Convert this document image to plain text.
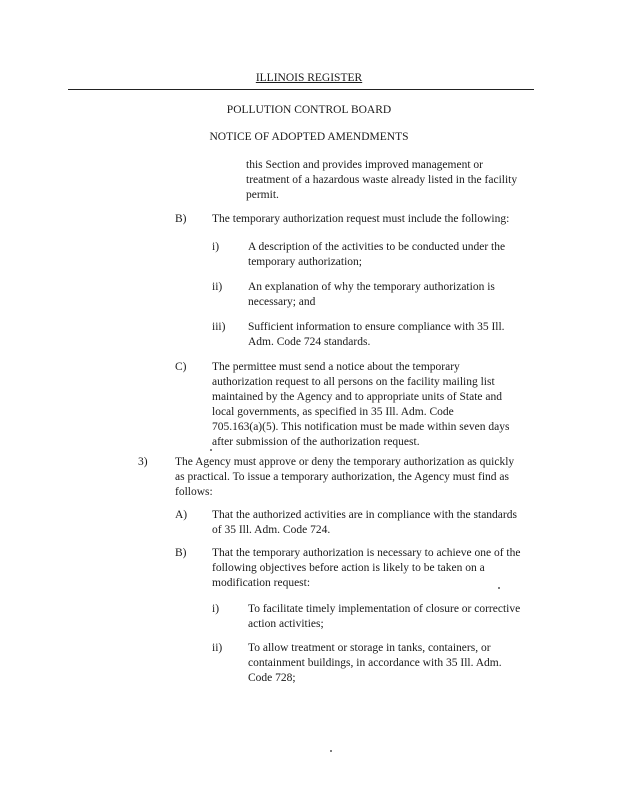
ILLINOIS REGISTER
POLLUTION CONTROL BOARD
NOTICE OF ADOPTED AMENDMENTS
this Section and provides improved management or
treatment of a hazardous waste already listed in the facility
permit.
B) The temporary authorization request must include the following:
i)	A description of the activities to be conducted under the
temporary authorization;
ii) An explanation of why the temporary authorization is
necessary; and
iii) Sufficient information to ensure compliance with 35 Ill.
Adm. Code 724 standards.
C) The permittee must send a notice about the temporary
authorization request to all persons on the facility mailing list
maintained by the Agency and to appropriate units of State and
local governments, as specified in 35 Ill. Adm. Code
705.163(a)(5). This notification must be made within seven days
after submission of the authorization request.
3) The Agency must approve or deny the temporary authorization as quickly
as practical. To issue a temporary authorization, the Agency must find as
follows:
A) That the authorized activities are in compliance with the standards
of 35 Ill. Adm. Code 724.
B) That the temporary authorization is necessary to achieve one of the
following objectives before action is likely to be taken on a
modification request:
i)	To facilitate timely implementation of closure or corrective
action activities;
ii) To allow treatment or storage in tanks, containers, or
containment buildings, in accordance with 35 Ill. Adm.
Code 728;
